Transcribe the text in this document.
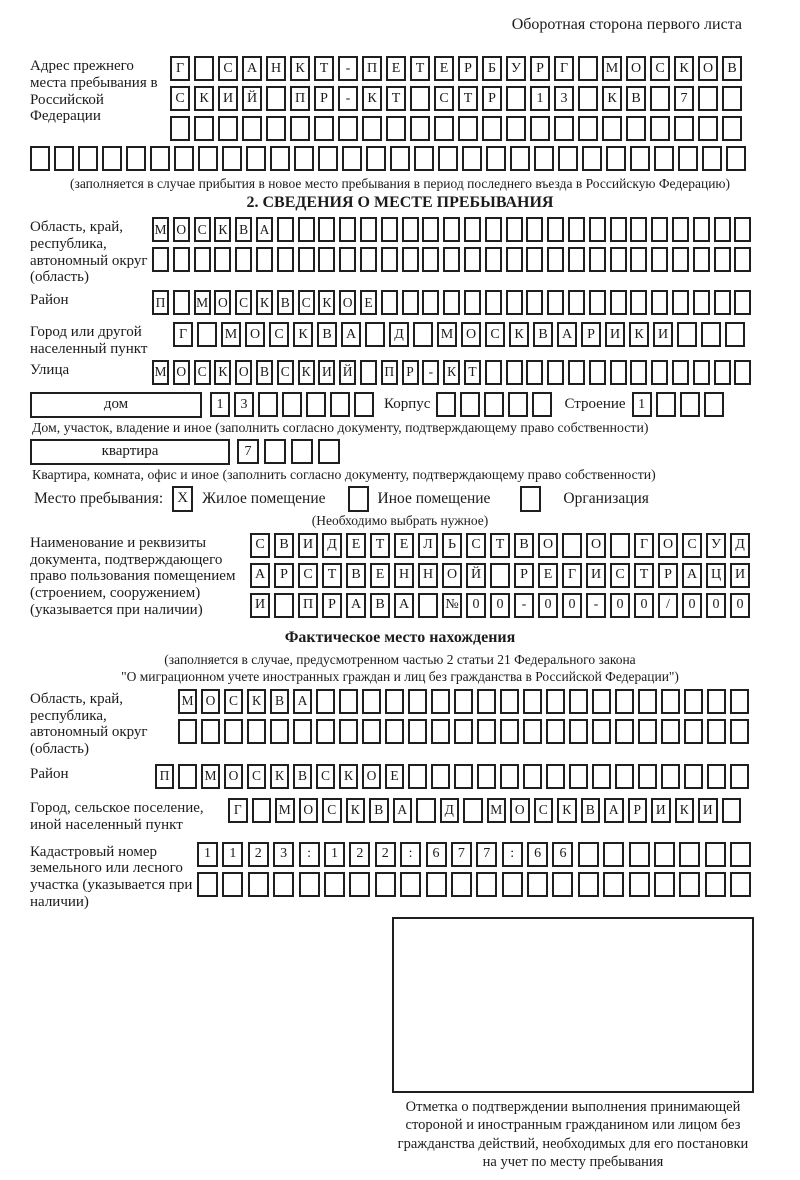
Оборотная сторона первого листа
Адрес прежнего места пребывания в Российской Федерации
Г	С	А Н	К	Т	-	П	Е	Т	Е	Р	Б	У	Р	Г	М О	С	К	О	В
С	К	И Й	П	Р	-	К	Т	С	Т	Р	1	3	К	В	7
(заполняется в случае прибытия в новое место пребывания в период последнего въезда в Российскую Федерацию)
2. СВЕДЕНИЯ О МЕСТЕ ПРЕБЫВАНИЯ
Область, край, республика, автономный округ (область)
М О С К В А
Район	П М О С К В С К О Е
Город или другой населенный пункт
Г	М О	С	К	В	А	Д	М О	С	К	В	А	Р	И	К	И
Улица	М О С К О В С К И Й П Р	-	К Т
дом	1	3	Корпус	Строение 1
Дом, участок, владение и иное (заполнить согласно документу, подтверждающему право собственности)
квартира	7
Квартира, комната, офис и иное (заполнить согласно документу, подтверждающему право собственности)
Место пребывания: X Жилое помещение	Иное помещение	Организация
(Необходимо выбрать нужное)
Наименование и реквизиты документа, подтверждающего право пользования помещением (строением, сооружением) (указывается при наличии)
С	В	И	Д	Е	Т	Е	Л	Ь	С	Т	В	О	О	Г	О	С	У	Д
А	Р	С	Т	В	Е	Н Н О Й	Р	Е	Г	И	С	Т	Р	А Ц И
И	П	Р	А	В	А	№ 0	0	-	0	0	-	0	0	/	0	0	0
Фактическое место нахождения
(заполняется в случае, предусмотренном частью 2 статьи 21 Федерального закона
"О миграционном учете иностранных граждан и лиц без гражданства в Российской Федерации")
Область, край, республика, автономный округ (область)
М О	С	К	В	А
Район	П	М О	С	К	В	С	К	О	Е
Город, сельское поселение, иной населенный пункт
Г	М О	С	К	В	А	Д	М О	С	К	В	А	Р	И	К	И
Кадастровый номер земельного или лесного участка (указывается при наличии)
1	1	2	3	:	1	2	2	:	6	7	7	:	6	6
Отметка о подтверждении выполнения принимающей стороной и иностранным гражданином или лицом без гражданства действий, необходимых для его постановки на учет по месту пребывания
